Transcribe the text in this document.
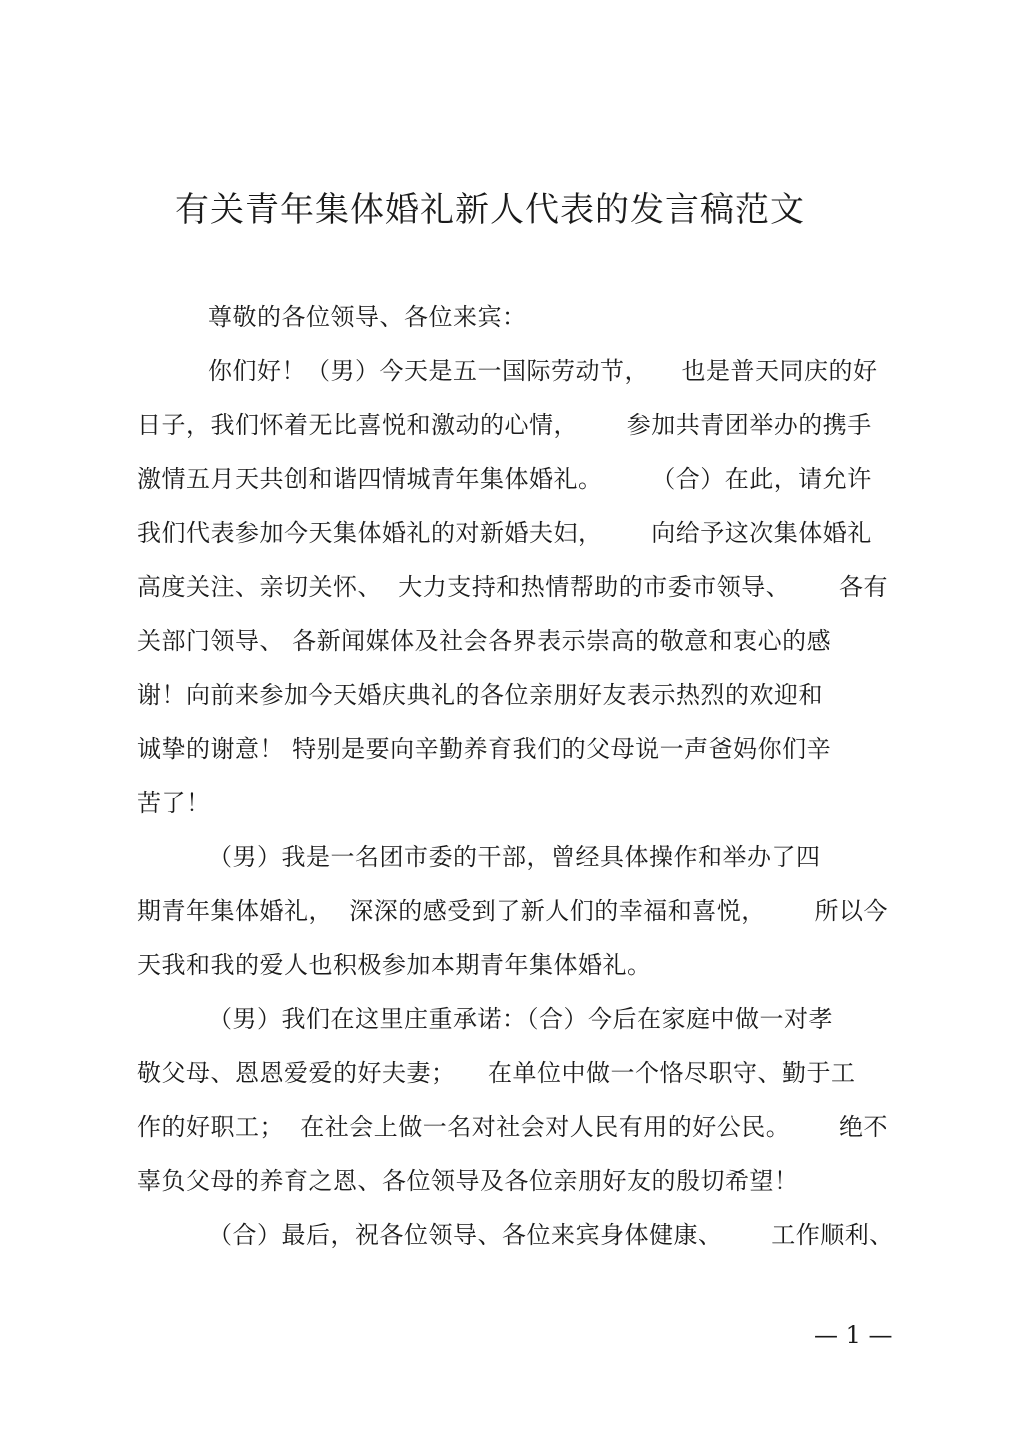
有关青年集体婚礼新人代表的发言稿范文
尊敬的各位领导、各位来宾：
你们好！（男）今天是五一国际劳动节，    也是普天同庆的好
日子，我们怀着无比喜悦和激动的心情，      参加共青团举办的携手
激情五月天共创和谐四情城青年集体婚礼。      （合）在此，请允许
我们代表参加今天集体婚礼的对新婚夫妇，      向给予这次集体婚礼
高度关注、亲切关怀、  大力支持和热情帮助的市委市领导、      各有
关部门领导、 各新闻媒体及社会各界表示崇高的敬意和衷心的感
谢！向前来参加今天婚庆典礼的各位亲朋好友表示热烈的欢迎和
诚挚的谢意！ 特别是要向辛勤养育我们的父母说一声爸妈你们辛
苦了！
（男）我是一名团市委的干部，曾经具体操作和举办了四
期青年集体婚礼，  深深的感受到了新人们的幸福和喜悦，      所以今
天我和我的爱人也积极参加本期青年集体婚礼。
（男）我们在这里庄重承诺：（合）今后在家庭中做一对孝
敬父母、恩恩爱爱的好夫妻；    在单位中做一个恪尽职守、勤于工
作的好职工；  在社会上做一名对社会对人民有用的好公民。      绝不
辜负父母的养育之恩、各位领导及各位亲朋好友的殷切希望！
（合）最后，祝各位领导、各位来宾身体健康、      工作顺利、
— 1 —
